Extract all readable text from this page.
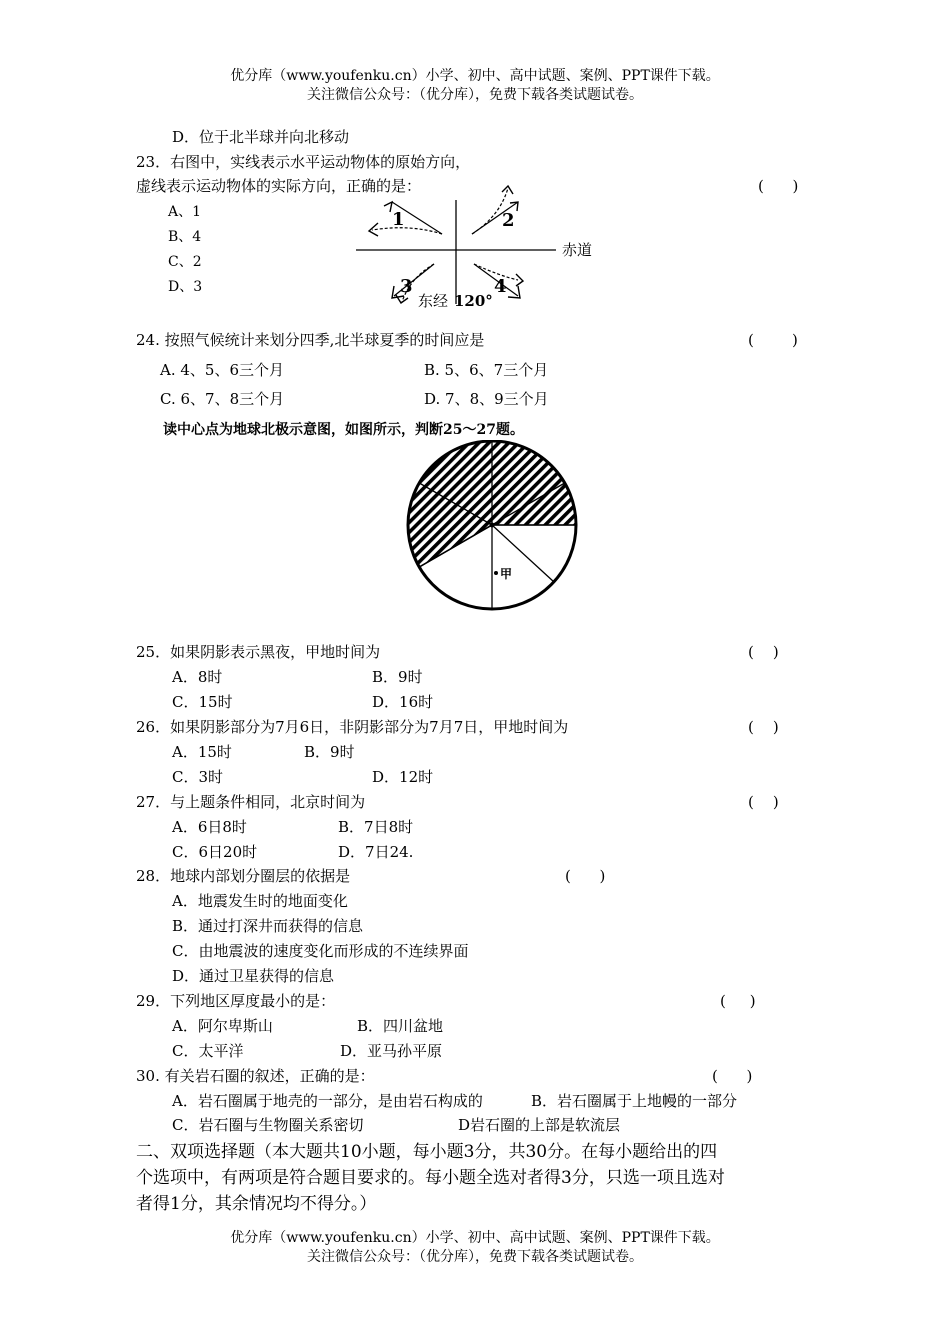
优分库（www.youfenku.cn）小学、初中、高中试题、案例、PPT课件下载。
关注微信公众号：（优分库），免费下载各类试题试卷。
D．位于北半球并向北移动
23．右图中，实线表示水平运动物体的原始方向，
虚线表示运动物体的实际方向，正确的是：	(      )
A、1
B、4
C、2
D、3
1	2
3	4
赤道
东经 120°
24. 按照气候统计来划分四季,北半球夏季的时间应是	(        )
A. 4、5、6三个月	B. 5、6、7三个月
C. 6、7、8三个月	D. 7、8、9三个月
读中心点为地球北极示意图，如图所示，判断25～27题。
甲
25．如果阴影表示黑夜，甲地时间为	(    )
A．8时	B．9时
C．15时	D．16时
26．如果阴影部分为7月6日，非阴影部分为7月7日，甲地时间为	(    )
A．15时	B．9时
C．3时	D．12时
27．与上题条件相同，北京时间为	(    )
A．6日8时	B．7日8时
C．6日20时	D．7日24.
28．地球内部划分圈层的依据是	(      )
A．地震发生时的地面变化
B．通过打深井而获得的信息
C．由地震波的速度变化而形成的不连续界面
D．通过卫星获得的信息
29．下列地区厚度最小的是：	(     )
A．阿尔卑斯山	B．四川盆地
C．太平洋	D．亚马孙平原
30. 有关岩石圈的叙述，正确的是：	(      )
A．岩石圈属于地壳的一部分，是由岩石构成的	B．岩石圈属于上地幔的一部分
C．岩石圈与生物圈关系密切	D岩石圈的上部是软流层
二、双项选择题（本大题共10小题，每小题3分，共30分。在每小题给出的四
个选项中，有两项是符合题目要求的。每小题全选对者得3分，只选一项且选对
者得1分，其余情况均不得分。）
优分库（www.youfenku.cn）小学、初中、高中试题、案例、PPT课件下载。
关注微信公众号：（优分库），免费下载各类试题试卷。
